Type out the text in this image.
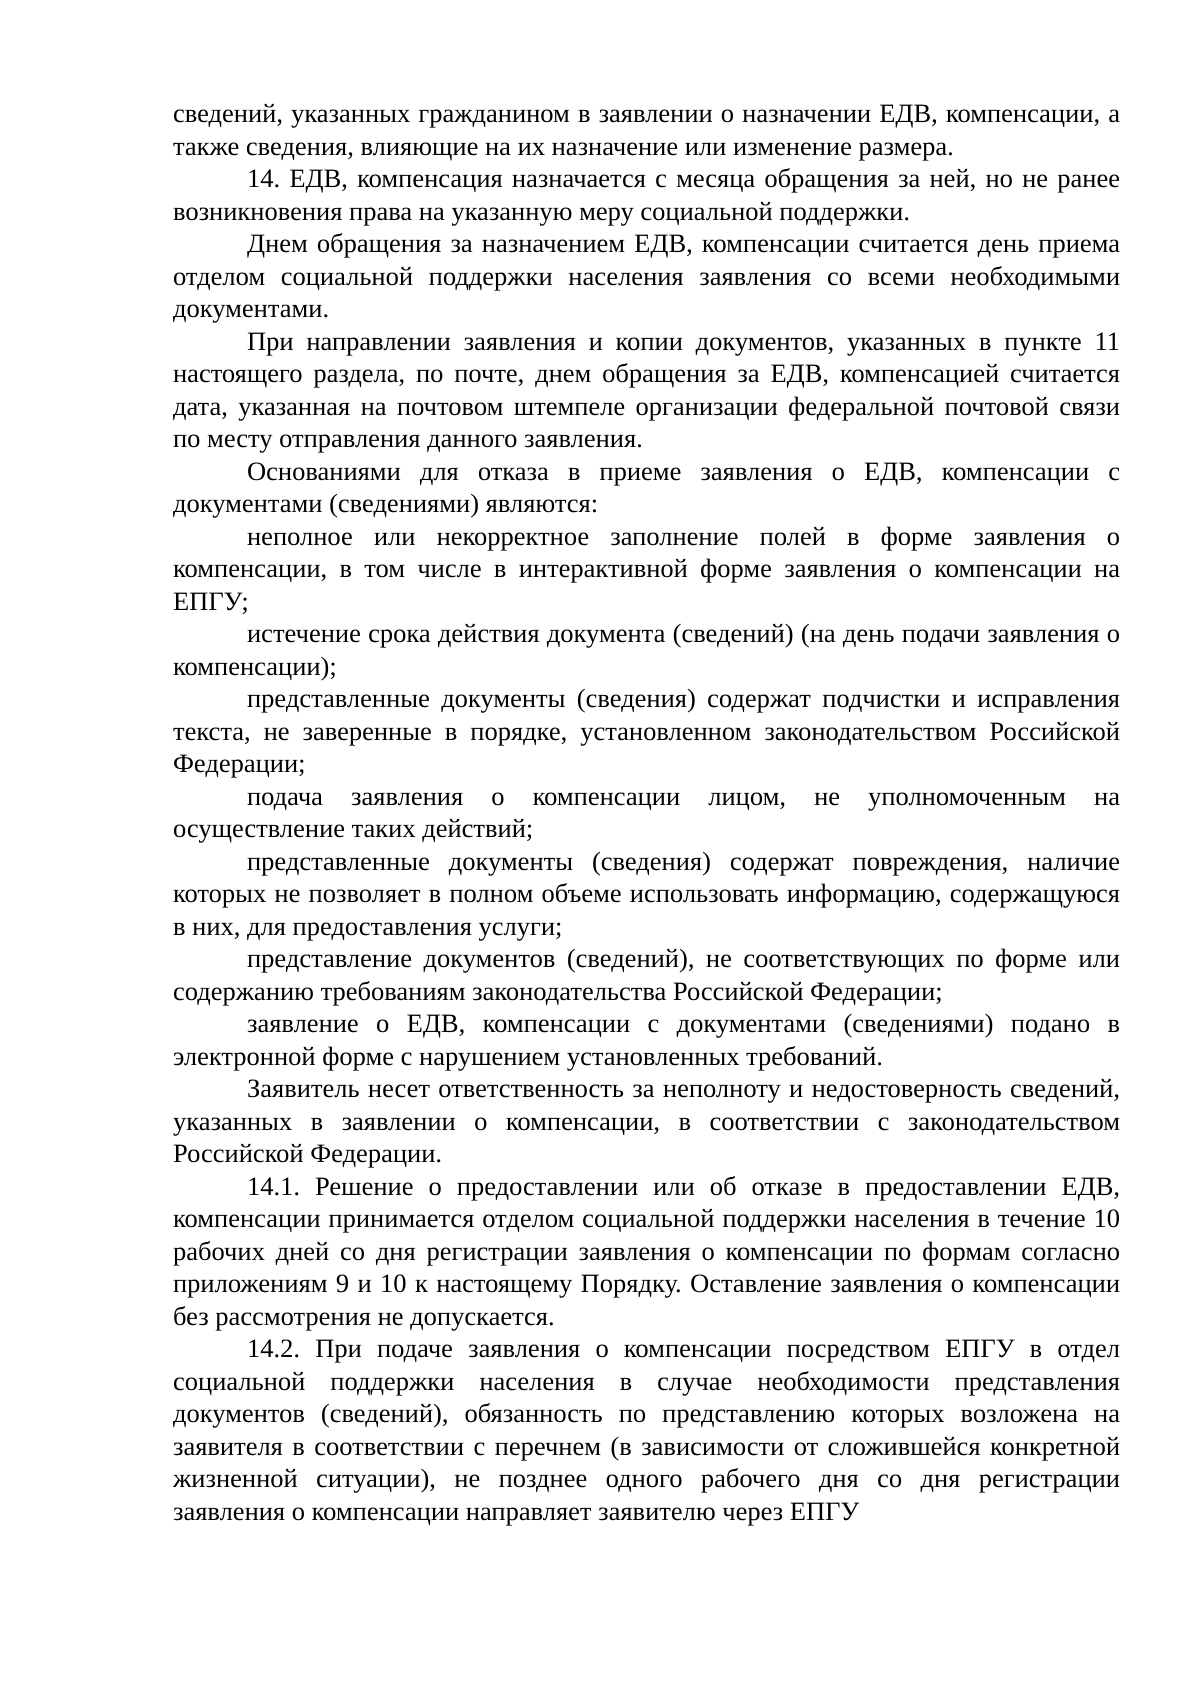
сведений, указанных гражданином в заявлении о назначении ЕДВ, компенсации, а также сведения, влияющие на их назначение или изменение размера.

14. ЕДВ, компенсация назначается с месяца обращения за ней, но не ранее возникновения права на указанную меру социальной поддержки.

Днем обращения за назначением ЕДВ, компенсации считается день приема отделом социальной поддержки населения заявления со всеми необходимыми документами.

При направлении заявления и копии документов, указанных в пункте 11 настоящего раздела, по почте, днем обращения за ЕДВ, компенсацией считается дата, указанная на почтовом штемпеле организации федеральной почтовой связи по месту отправления данного заявления.

Основаниями для отказа в приеме заявления о ЕДВ, компенсации с документами (сведениями) являются:

неполное или некорректное заполнение полей в форме заявления о компенсации, в том числе в интерактивной форме заявления о компенсации на ЕПГУ;

истечение срока действия документа (сведений) (на день подачи заявления о компенсации);

представленные документы (сведения) содержат подчистки и исправления текста, не заверенные в порядке, установленном законодательством Российской Федерации;

подача заявления о компенсации лицом, не уполномоченным на осуществление таких действий;

представленные документы (сведения) содержат повреждения, наличие которых не позволяет в полном объеме использовать информацию, содержащуюся в них, для предоставления услуги;

представление документов (сведений), не соответствующих по форме или содержанию требованиям законодательства Российской Федерации;

заявление о ЕДВ, компенсации с документами (сведениями) подано в электронной форме с нарушением установленных требований.

Заявитель несет ответственность за неполноту и недостоверность сведений, указанных в заявлении о компенсации, в соответствии с законодательством Российской Федерации.

14.1. Решение о предоставлении или об отказе в предоставлении ЕДВ, компенсации принимается отделом социальной поддержки населения в течение 10 рабочих дней со дня регистрации заявления о компенсации по формам согласно приложениям 9 и 10 к настоящему Порядку. Оставление заявления о компенсации без рассмотрения не допускается.

14.2. При подаче заявления о компенсации посредством ЕПГУ в отдел социальной поддержки населения в случае необходимости представления документов (сведений), обязанность по представлению которых возложена на заявителя в соответствии с перечнем (в зависимости от сложившейся конкретной жизненной ситуации), не позднее одного рабочего дня со дня регистрации заявления о компенсации направляет заявителю через ЕПГУ
